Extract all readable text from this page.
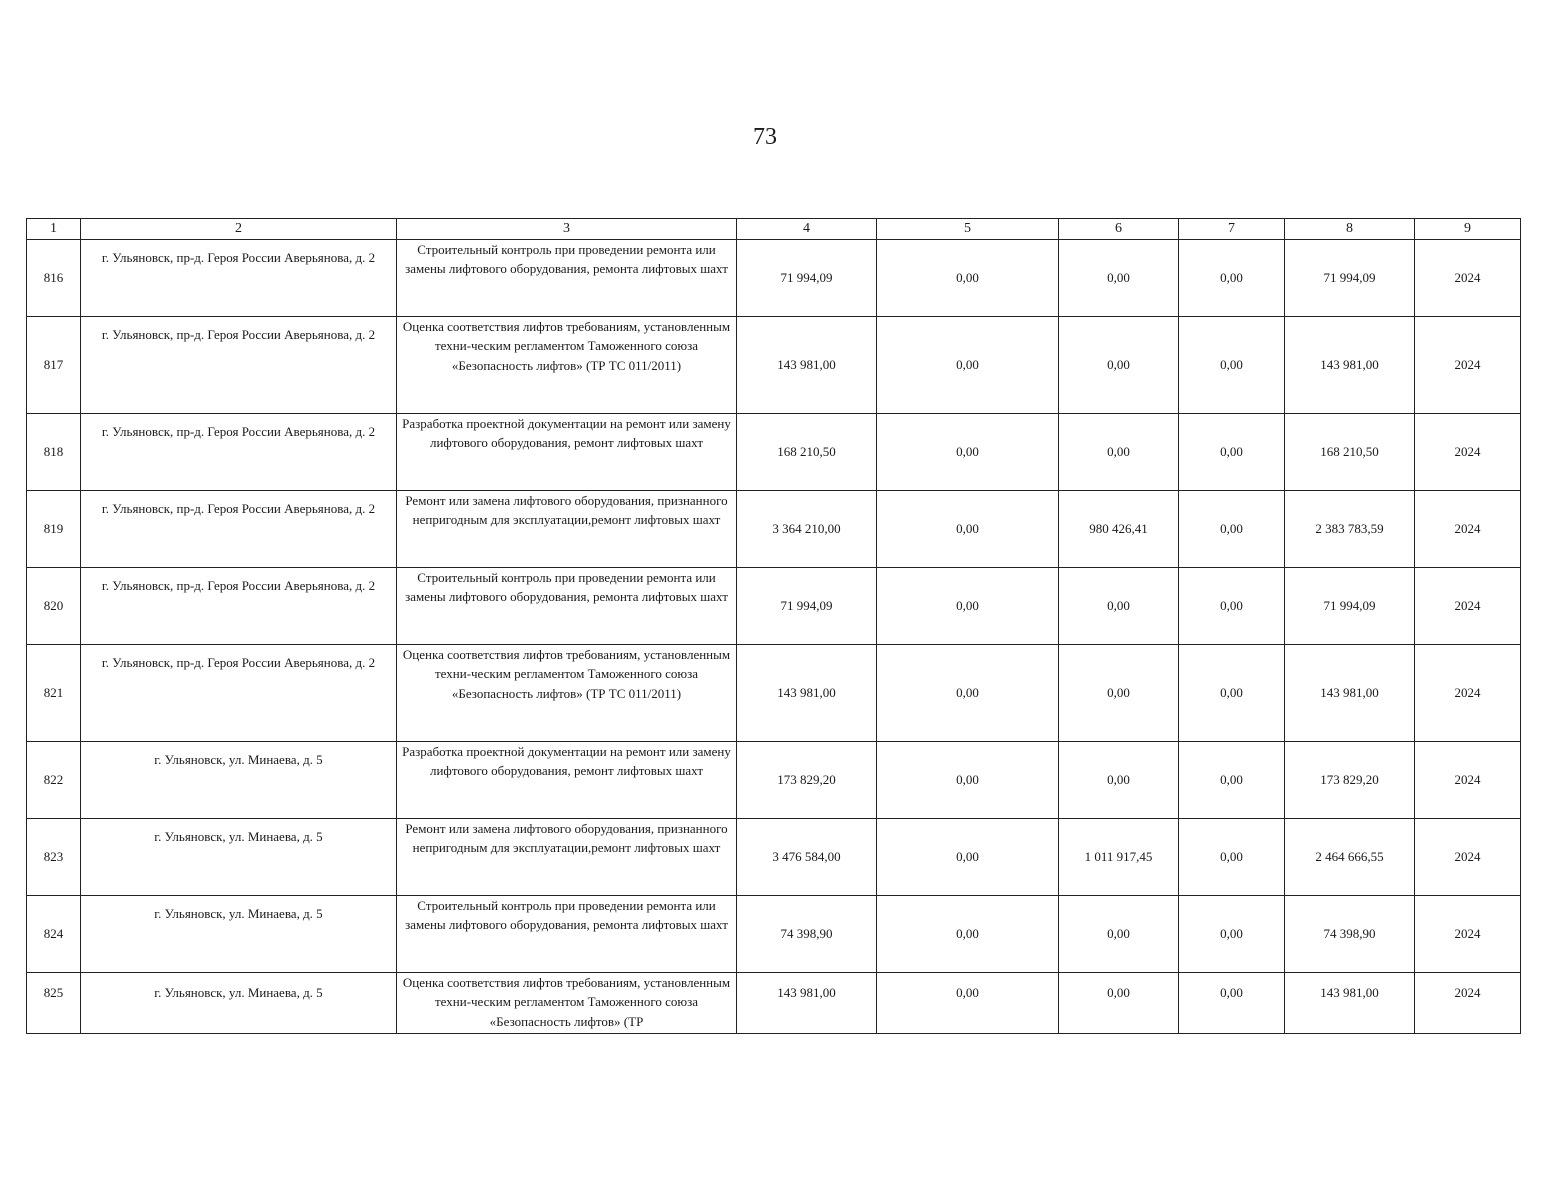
73
1	2	3	4	5	6	7	8	9
816	г. Ульяновск, пр-д. Героя России Аверьянова, д. 2	Строительный контроль при проведении ремонта или замены лифтового оборудования, ремонта лифтовых шахт	71 994,09	0,00	0,00	0,00	71 994,09	2024
817	г. Ульяновск, пр-д. Героя России Аверьянова, д. 2	Оценка соответствия лифтов требованиям, установленным техни-ческим регламентом Таможенного союза «Безопасность лифтов» (ТР ТС 011/2011)	143 981,00	0,00	0,00	0,00	143 981,00	2024
818	г. Ульяновск, пр-д. Героя России Аверьянова, д. 2	Разработка проектной документации на ремонт или замену лифтового оборудования, ремонт лифтовых шахт	168 210,50	0,00	0,00	0,00	168 210,50	2024
819	г. Ульяновск, пр-д. Героя России Аверьянова, д. 2	Ремонт или замена лифтового оборудования, признанного непригодным для эксплуатации,ремонт лифтовых шахт	3 364 210,00	0,00	980 426,41	0,00	2 383 783,59	2024
820	г. Ульяновск, пр-д. Героя России Аверьянова, д. 2	Строительный контроль при проведении ремонта или замены лифтового оборудования, ремонта лифтовых шахт	71 994,09	0,00	0,00	0,00	71 994,09	2024
821	г. Ульяновск, пр-д. Героя России Аверьянова, д. 2	Оценка соответствия лифтов требованиям, установленным техни-ческим регламентом Таможенного союза «Безопасность лифтов» (ТР ТС 011/2011)	143 981,00	0,00	0,00	0,00	143 981,00	2024
822	г. Ульяновск, ул. Минаева, д. 5	Разработка проектной документации на ремонт или замену лифтового оборудования, ремонт лифтовых шахт	173 829,20	0,00	0,00	0,00	173 829,20	2024
823	г. Ульяновск, ул. Минаева, д. 5	Ремонт или замена лифтового оборудования, признанного непригодным для эксплуатации,ремонт лифтовых шахт	3 476 584,00	0,00	1 011 917,45	0,00	2 464 666,55	2024
824	г. Ульяновск, ул. Минаева, д. 5	Строительный контроль при проведении ремонта или замены лифтового оборудования, ремонта лифтовых шахт	74 398,90	0,00	0,00	0,00	74 398,90	2024
825	г. Ульяновск, ул. Минаева, д. 5	Оценка соответствия лифтов требованиям, установленным техни-ческим регламентом Таможенного союза «Безопасность лифтов» (ТР	143 981,00	0,00	0,00	0,00	143 981,00	2024
